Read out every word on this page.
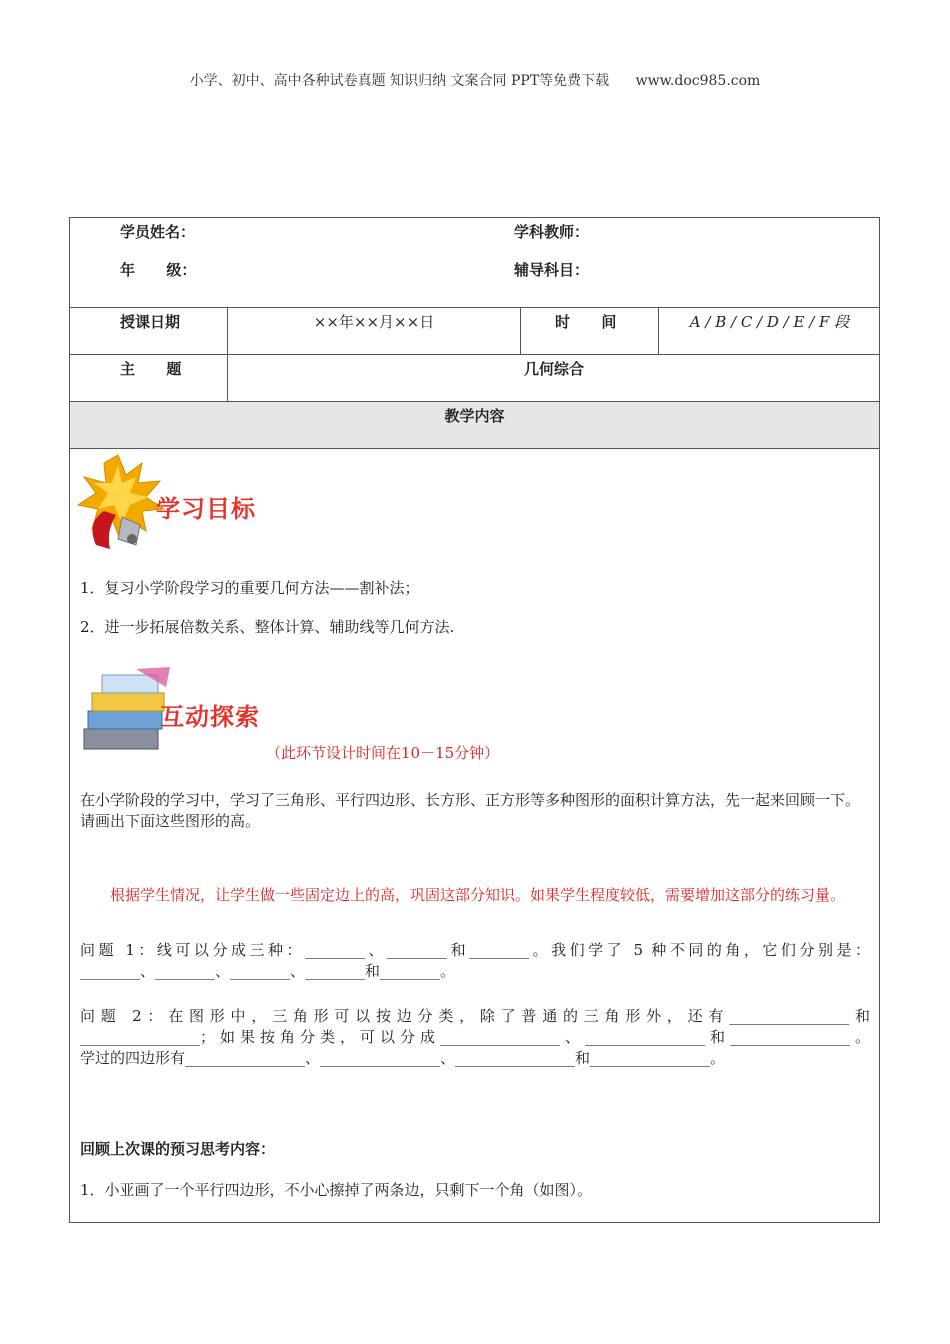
小学、初中、高中各种试卷真题 知识归纳 文案合同 PPT等免费下载 www.doc985.com
学员姓名：	学科教师：
年      级：	辅导科目：
授课日期	××年××月××日	时      间	A / B / C / D / E / F 段
主      题	几何综合
教学内容
学习目标
1．复习小学阶段学习的重要几何方法——割补法；
2．进一步拓展倍数关系、整体计算、辅助线等几何方法.
互动探索
（此环节设计时间在10－15分钟）
在小学阶段的学习中，学习了三角形、平行四边形、长方形、正方形等多种图形的面积计算方法，先一起来回顾一下。请画出下面这些图形的高。
根据学生情况，让学生做一些固定边上的高，巩固这部分知识。如果学生程度较低，需要增加这部分的练习量。
问题 1：线可以分成三种：________、________和________。我们学了 5 种不同的角，它们分别是：
________、________、________、________和________。
问题 2：在图形中，三角形可以按边分类，除了普通的三角形外，还有________________和
________________；如果按角分类，可以分成________________、________________和________________。
学过的四边形有________________、________________、________________和________________。
回顾上次课的预习思考内容：
1．小亚画了一个平行四边形，不小心擦掉了两条边，只剩下一个角（如图）。
